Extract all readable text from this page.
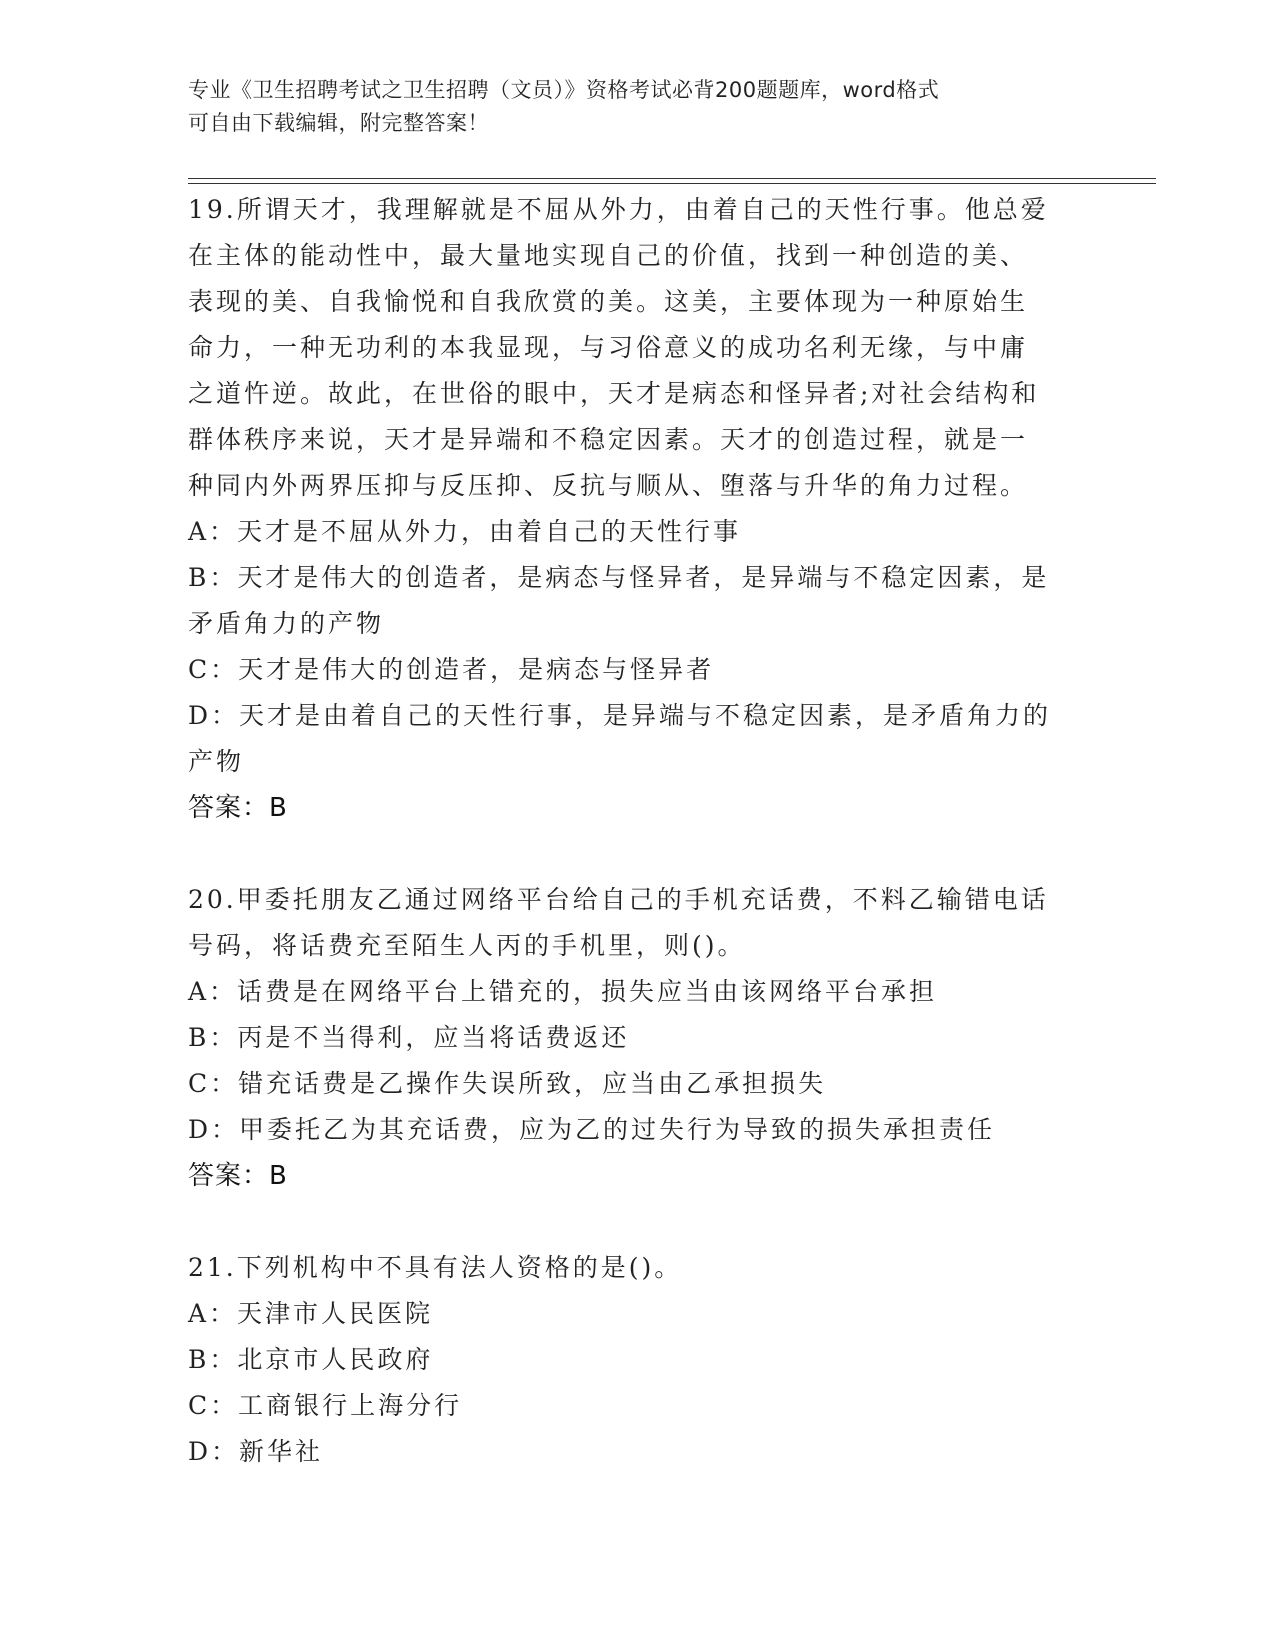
专业《卫生招聘考试之卫生招聘（文员）》资格考试必背200题题库，word格式
可自由下载编辑，附完整答案！
19.所谓天才，我理解就是不屈从外力，由着自己的天性行事。他总爱
在主体的能动性中，最大量地实现自己的价值，找到一种创造的美、
表现的美、自我愉悦和自我欣赏的美。这美，主要体现为一种原始生
命力，一种无功利的本我显现，与习俗意义的成功名利无缘，与中庸
之道忤逆。故此，在世俗的眼中，天才是病态和怪异者;对社会结构和
群体秩序来说，天才是异端和不稳定因素。天才的创造过程，就是一
种同内外两界压抑与反压抑、反抗与顺从、堕落与升华的角力过程。
A：天才是不屈从外力，由着自己的天性行事
B：天才是伟大的创造者，是病态与怪异者，是异端与不稳定因素，是
矛盾角力的产物
C：天才是伟大的创造者，是病态与怪异者
D：天才是由着自己的天性行事，是异端与不稳定因素，是矛盾角力的
产物
答案：B
20.甲委托朋友乙通过网络平台给自己的手机充话费，不料乙输错电话
号码，将话费充至陌生人丙的手机里，则()。
A：话费是在网络平台上错充的，损失应当由该网络平台承担
B：丙是不当得利，应当将话费返还
C：错充话费是乙操作失误所致，应当由乙承担损失
D：甲委托乙为其充话费，应为乙的过失行为导致的损失承担责任
答案：B
21.下列机构中不具有法人资格的是()。
A：天津市人民医院
B：北京市人民政府
C：工商银行上海分行
D：新华社
